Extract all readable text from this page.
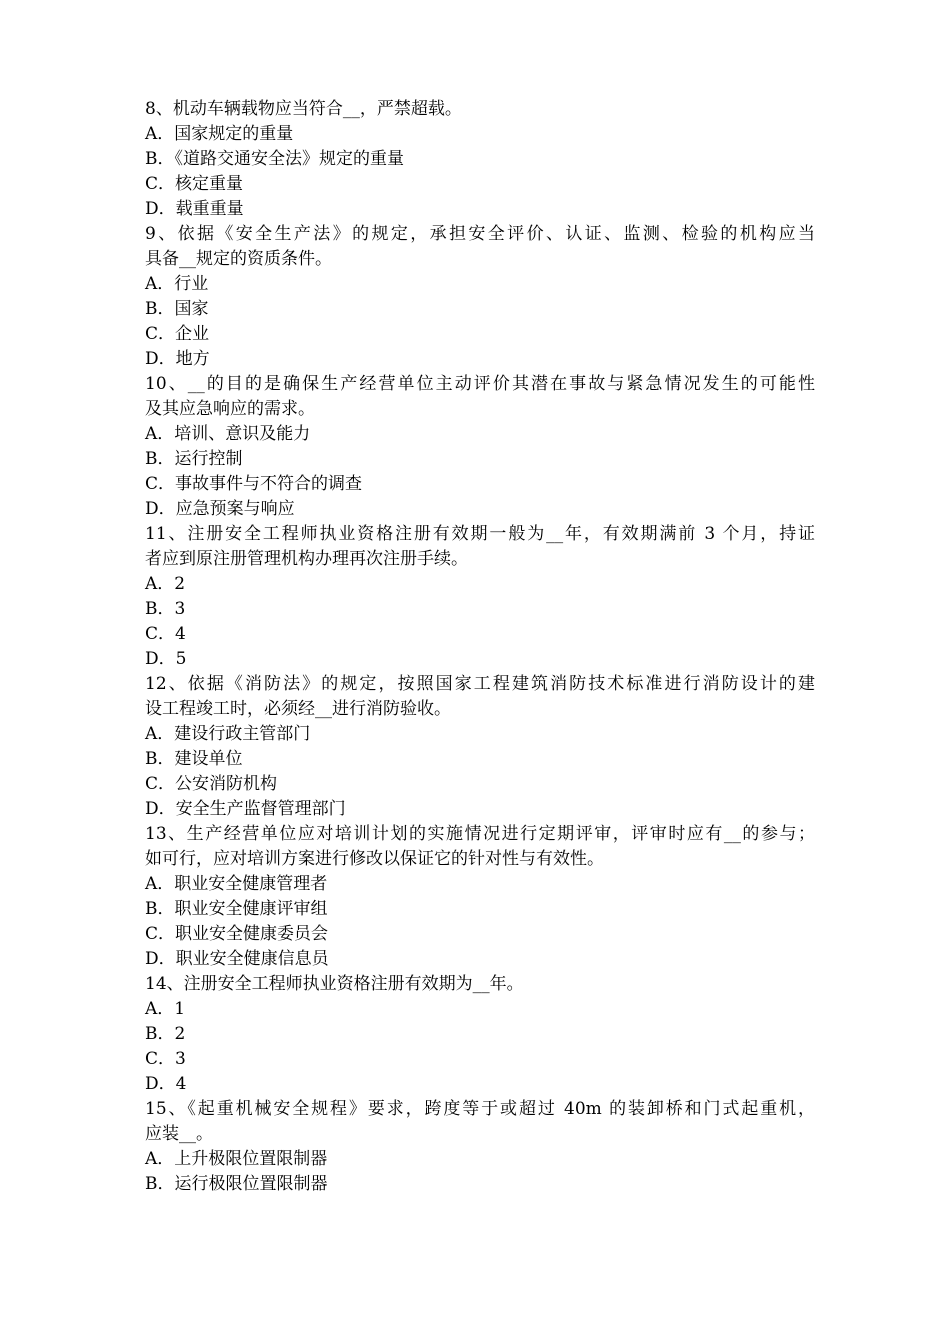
8、机动车辆载物应当符合__，严禁超载。
A．国家规定的重量
B．《道路交通安全法》规定的重量
C．核定重量
D．载重重量
9、依据《安全生产法》的规定，承担安全评价、认证、监测、检验的机构应当
具备__规定的资质条件。
A．行业
B．国家
C．企业
D．地方
10、__的目的是确保生产经营单位主动评价其潜在事故与紧急情况发生的可能性
及其应急响应的需求。
A．培训、意识及能力
B．运行控制
C．事故事件与不符合的调查
D．应急预案与响应
11、注册安全工程师执业资格注册有效期一般为__年，有效期满前 3 个月，持证
者应到原注册管理机构办理再次注册手续。
A．2
B．3
C．4
D．5
12、依据《消防法》的规定，按照国家工程建筑消防技术标准进行消防设计的建
设工程竣工时，必须经__进行消防验收。
A．建设行政主管部门
B．建设单位
C．公安消防机构
D．安全生产监督管理部门
13、生产经营单位应对培训计划的实施情况进行定期评审，评审时应有__的参与；
如可行，应对培训方案进行修改以保证它的针对性与有效性。
A．职业安全健康管理者
B．职业安全健康评审组
C．职业安全健康委员会
D．职业安全健康信息员
14、注册安全工程师执业资格注册有效期为__年。
A．1
B．2
C．3
D．4
15、《起重机械安全规程》要求，跨度等于或超过 40m 的装卸桥和门式起重机，
应装__。
A．上升极限位置限制器
B．运行极限位置限制器
